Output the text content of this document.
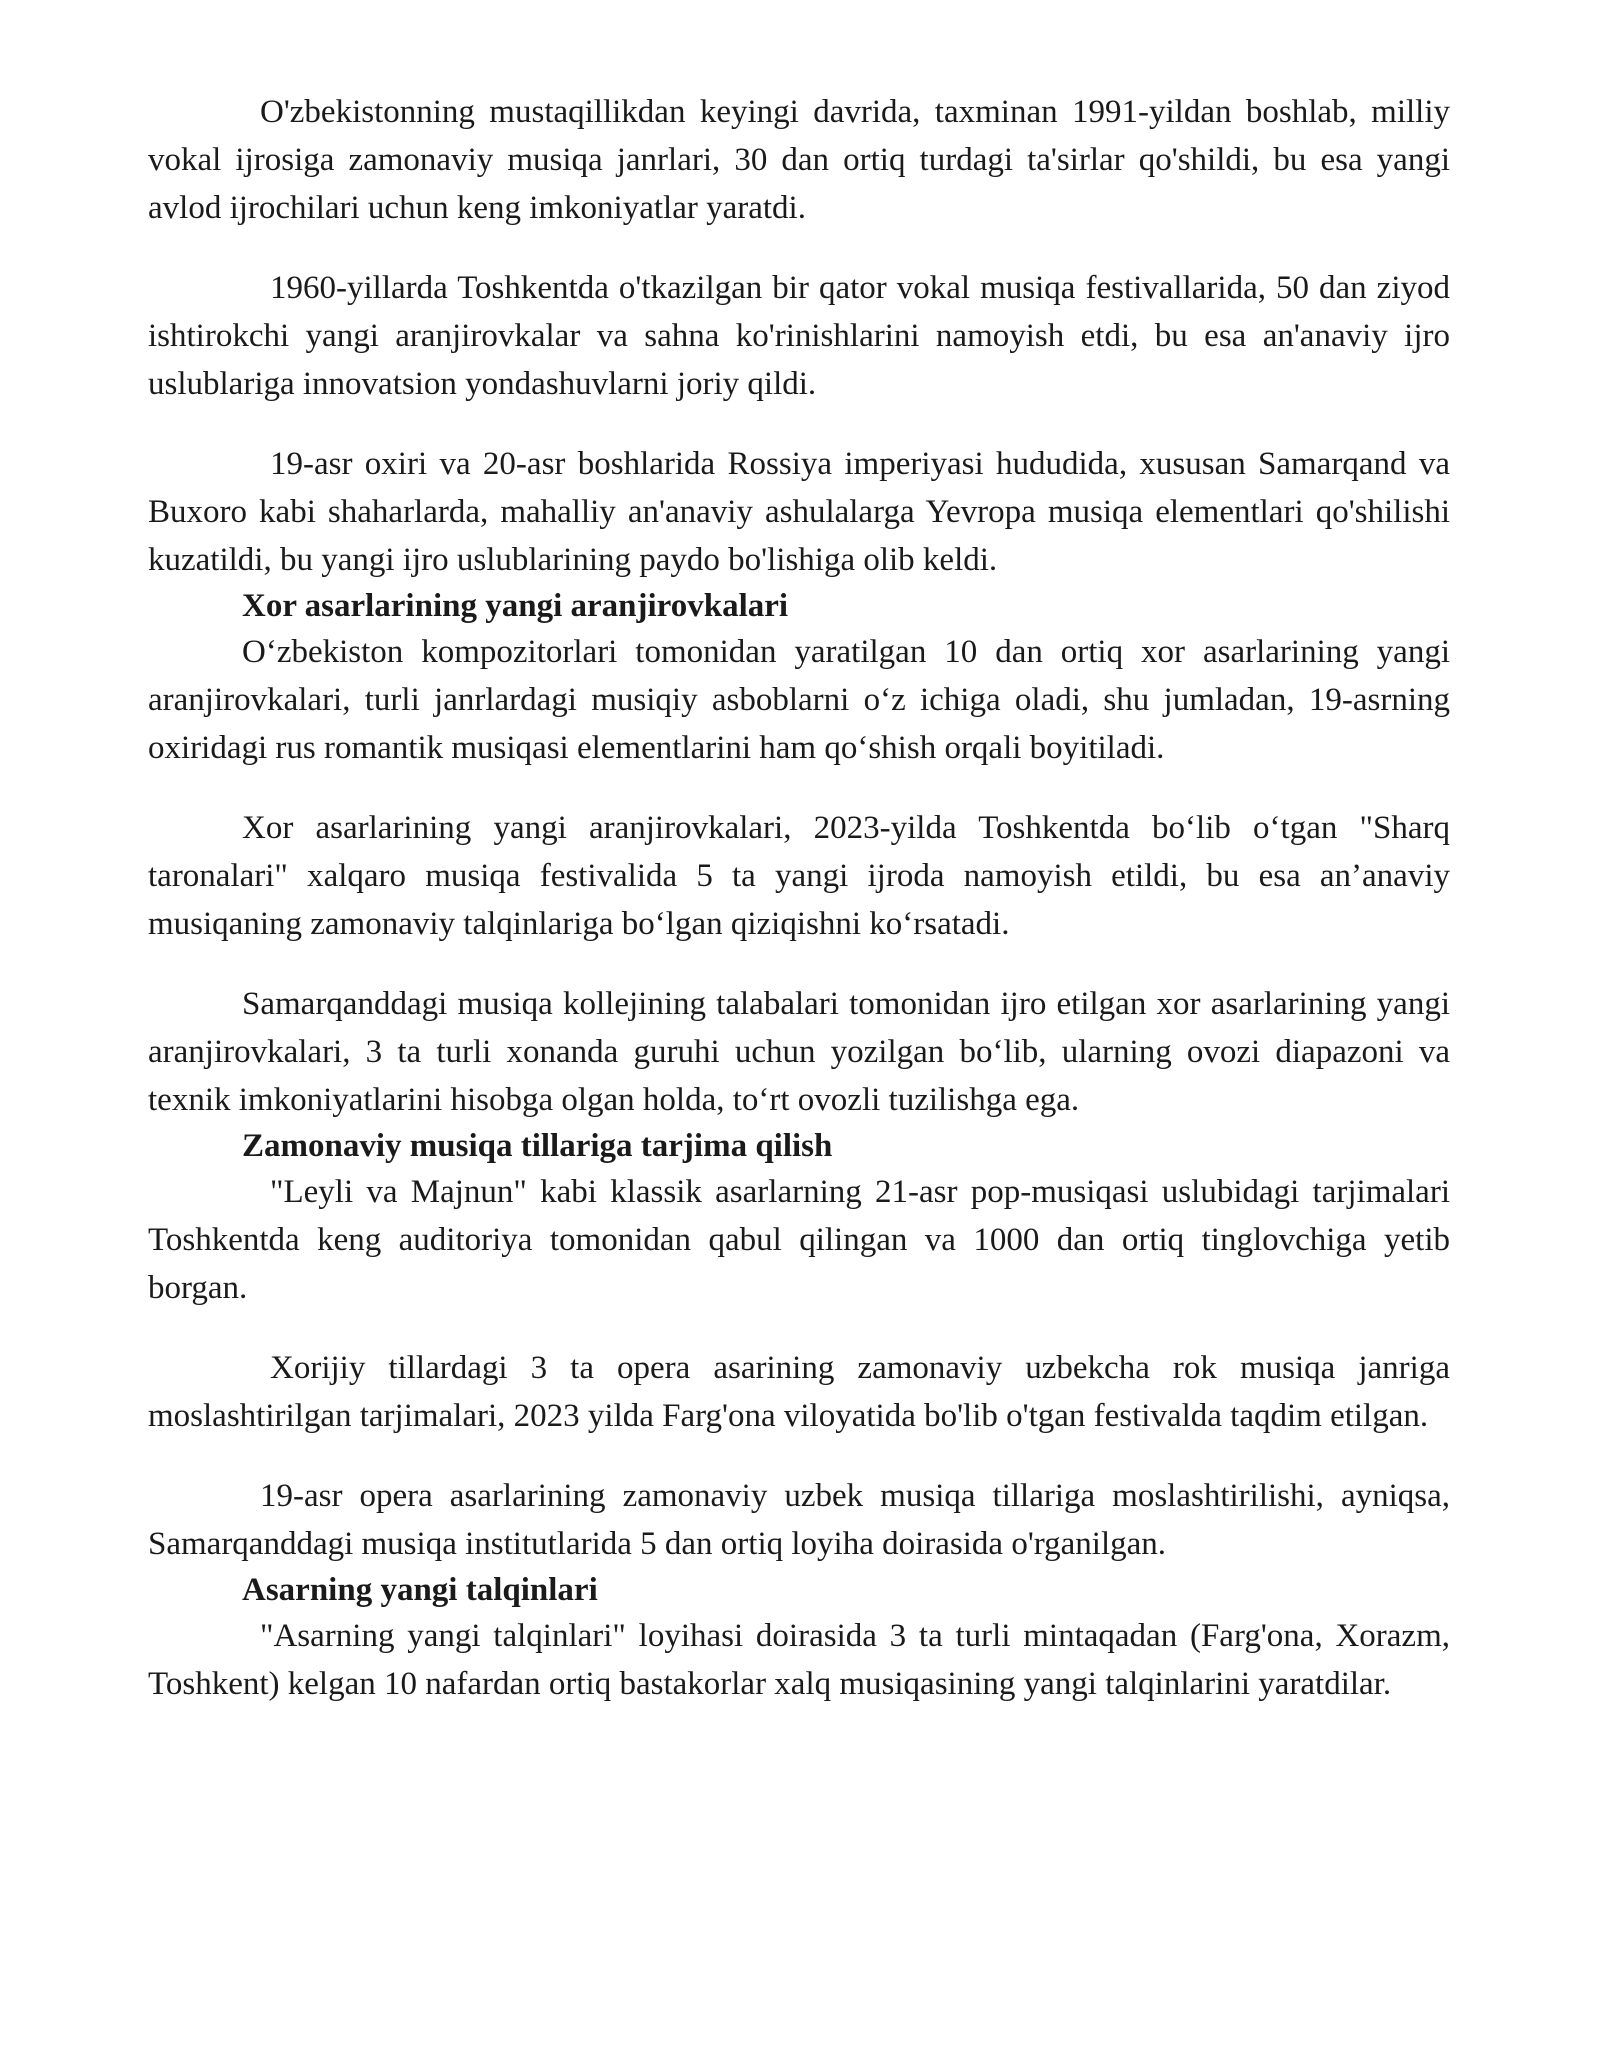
O'zbekistonning mustaqillikdan keyingi davrida, taxminan 1991-yildan boshlab, milliy vokal ijrosiga zamonaviy musiqa janrlari, 30 dan ortiq turdagi ta'sirlar qo'shildi, bu esa yangi avlod ijrochilari uchun keng imkoniyatlar yaratdi.

1960-yillarda Toshkentda o'tkazilgan bir qator vokal musiqa festivallarida, 50 dan ziyod ishtirokchi yangi aranjirovkalar va sahna ko'rinishlarini namoyish etdi, bu esa an'anaviy ijro uslublariga innovatsion yondashuvlarni joriy qildi.

19-asr oxiri va 20-asr boshlarida Rossiya imperiyasi hududida, xususan Samarqand va Buxoro kabi shaharlarda, mahalliy an'anaviy ashulalarga Yevropa musiqa elementlari qo'shilishi kuzatildi, bu yangi ijro uslublarining paydo bo'lishiga olib keldi.

Xor asarlarining yangi aranjirovkalari

O‘zbekiston kompozitorlari tomonidan yaratilgan 10 dan ortiq xor asarlarining yangi aranjirovkalari, turli janrlardagi musiqiy asboblarni o‘z ichiga oladi, shu jumladan, 19-asrning oxiridagi rus romantik musiqasi elementlarini ham qo‘shish orqali boyitiladi.

Xor asarlarining yangi aranjirovkalari, 2023-yilda Toshkentda bo‘lib o‘tgan "Sharq taronalari" xalqaro musiqa festivalida 5 ta yangi ijroda namoyish etildi, bu esa an’anaviy musiqaning zamonaviy talqinlariga bo‘lgan qiziqishni ko‘rsatadi.

Samarqanddagi musiqa kollejining talabalari tomonidan ijro etilgan xor asarlarining yangi aranjirovkalari, 3 ta turli xonanda guruhi uchun yozilgan bo‘lib, ularning ovozi diapazoni va texnik imkoniyatlarini hisobga olgan holda, to‘rt ovozli tuzilishga ega.

Zamonaviy musiqa tillariga tarjima qilish

"Leyli va Majnun" kabi klassik asarlarning 21-asr pop-musiqasi uslubidagi tarjimalari Toshkentda keng auditoriya tomonidan qabul qilingan va 1000 dan ortiq tinglovchiga yetib borgan.

Xorijiy tillardagi 3 ta opera asarining zamonaviy uzbekcha rok musiqa janriga moslashtirilgan tarjimalari, 2023 yilda Farg'ona viloyatida bo'lib o'tgan festivalda taqdim etilgan.

19-asr opera asarlarining zamonaviy uzbek musiqa tillariga moslashtirilishi, ayniqsa, Samarqanddagi musiqa institutlarida 5 dan ortiq loyiha doirasida o'rganilgan.

Asarning yangi talqinlari

"Asarning yangi talqinlari" loyihasi doirasida 3 ta turli mintaqadan (Farg'ona, Xorazm, Toshkent) kelgan 10 nafardan ortiq bastakorlar xalq musiqasining yangi talqinlarini yaratdilar.
